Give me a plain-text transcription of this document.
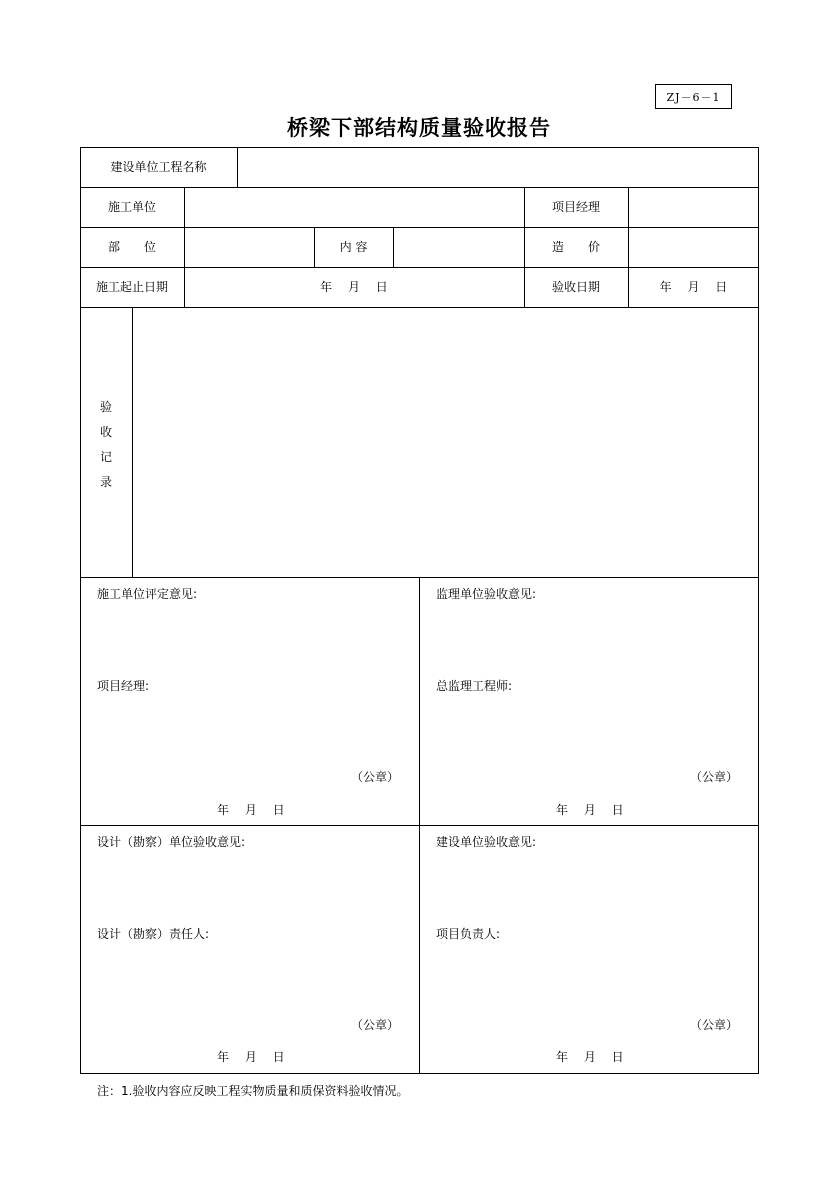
ZJ－6－1
桥梁下部结构质量验收报告
建设单位工程名称
施工单位	项目经理
部　　位	内 容	造　　价
施工起止日期	年　 月　 日	验收日期	年　 月　 日
验
收
记
录
施工单位评定意见:
项目经理:
（公章）
年　 月　 日
监理单位验收意见:
总监理工程师:
（公章）
年　 月　 日
设计（勘察）单位验收意见:
设计（勘察）责任人:
（公章）
年　 月　 日
建设单位验收意见:
项目负责人:
（公章）
年　 月　 日
注：1.验收内容应反映工程实物质量和质保资料验收情况。
